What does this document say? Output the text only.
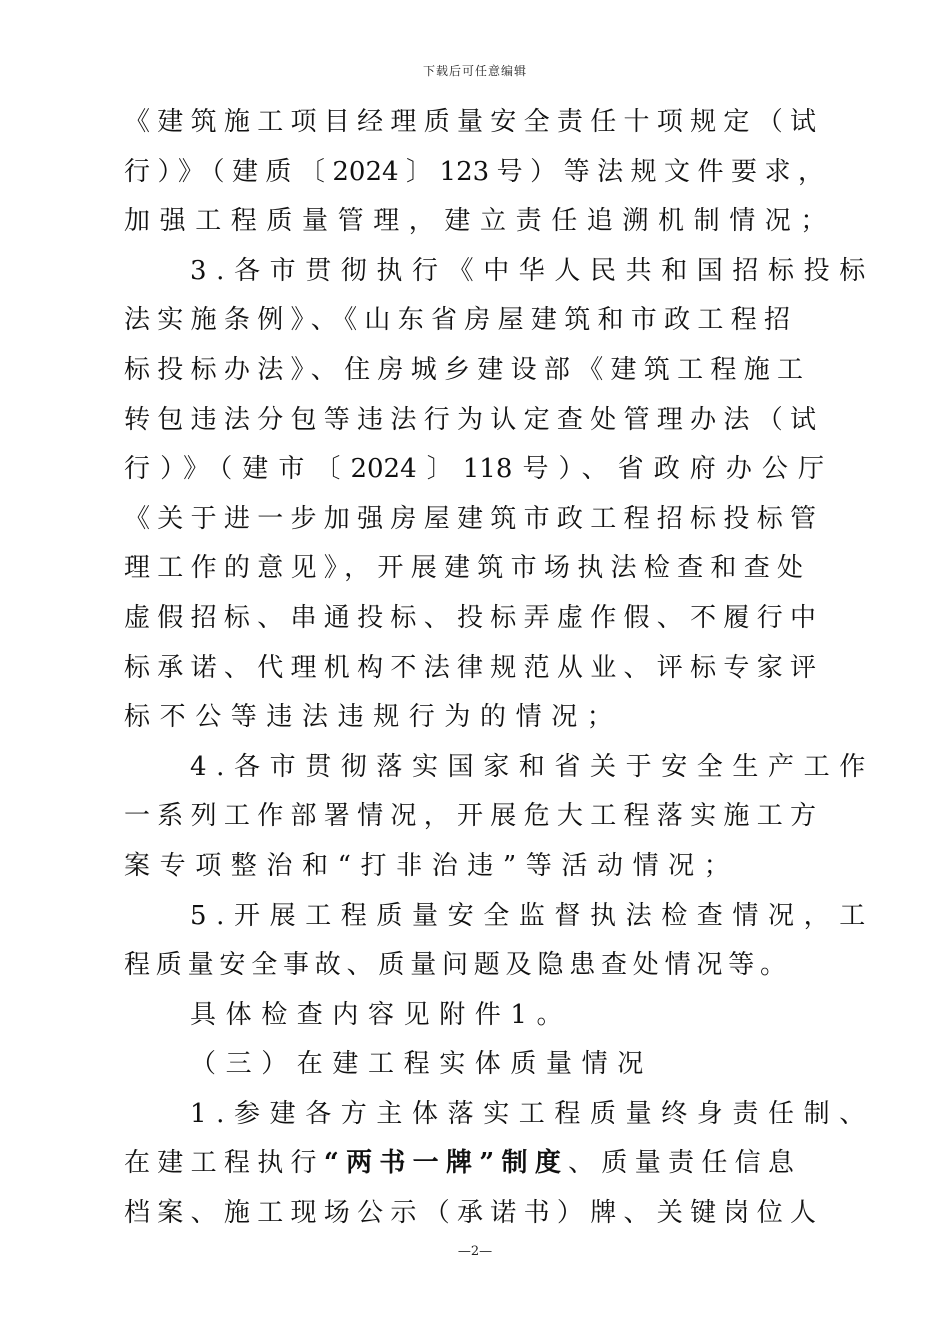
下载后可任意编辑
《建筑施工项目经理质量安全责任十项规定（试
行）》（建质〔2024〕123号）等法规文件要求，
加强工程质量管理，建立责任追溯机制情况；
3.各市贯彻执行《中华人民共和国招标投标
法实施条例》、《山东省房屋建筑和市政工程招
标投标办法》、住房城乡建设部《建筑工程施工
转包违法分包等违法行为认定查处管理办法（试
行）》（建市〔2024〕118号）、省政府办公厅
《关于进一步加强房屋建筑市政工程招标投标管
理工作的意见》，开展建筑市场执法检查和查处
虚假招标、串通投标、投标弄虚作假、不履行中
标承诺、代理机构不法律规范从业、评标专家评
标不公等违法违规行为的情况；
4.各市贯彻落实国家和省关于安全生产工作
一系列工作部署情况，开展危大工程落实施工方
案专项整治和“打非治违”等活动情况；
5.开展工程质量安全监督执法检查情况，工
程质量安全事故、质量问题及隐患查处情况等。
具体检查内容见附件1。
（三）在建工程实体质量情况
1.参建各方主体落实工程质量终身责任制、
在建工程执行“两书一牌”制度、质量责任信息
档案、施工现场公示（承诺书）牌、关键岗位人
—2—
